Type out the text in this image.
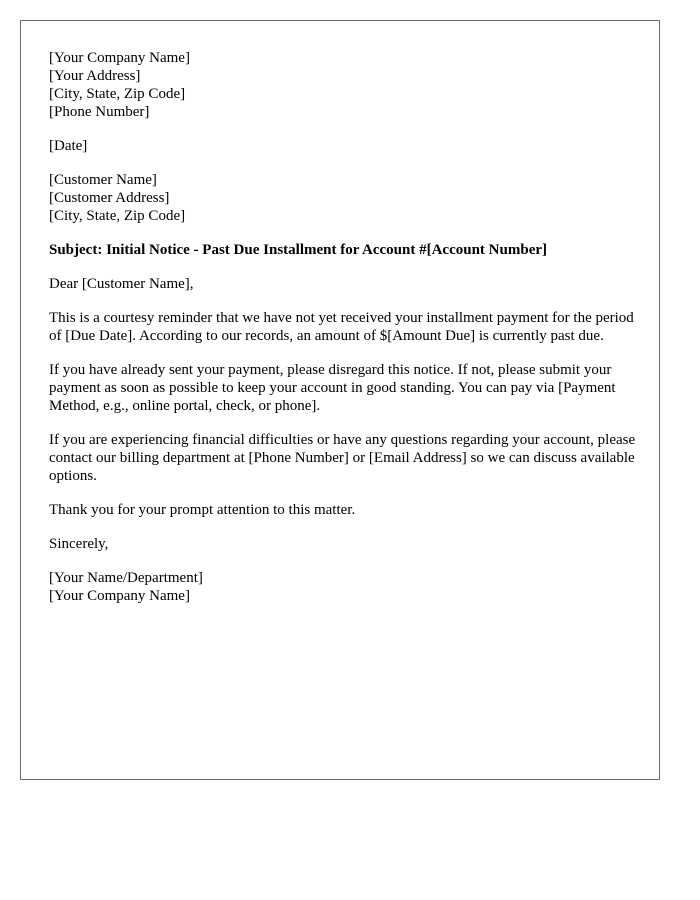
[Your Company Name]
[Your Address]
[City, State, Zip Code]
[Phone Number]
[Date]
[Customer Name]
[Customer Address]
[City, State, Zip Code]
Subject: Initial Notice - Past Due Installment for Account #[Account Number]
Dear [Customer Name],
This is a courtesy reminder that we have not yet received your installment payment for the period of [Due Date]. According to our records, an amount of $[Amount Due] is currently past due.
If you have already sent your payment, please disregard this notice. If not, please submit your payment as soon as possible to keep your account in good standing. You can pay via [Payment Method, e.g., online portal, check, or phone].
If you are experiencing financial difficulties or have any questions regarding your account, please contact our billing department at [Phone Number] or [Email Address] so we can discuss available options.
Thank you for your prompt attention to this matter.
Sincerely,
[Your Name/Department]
[Your Company Name]
